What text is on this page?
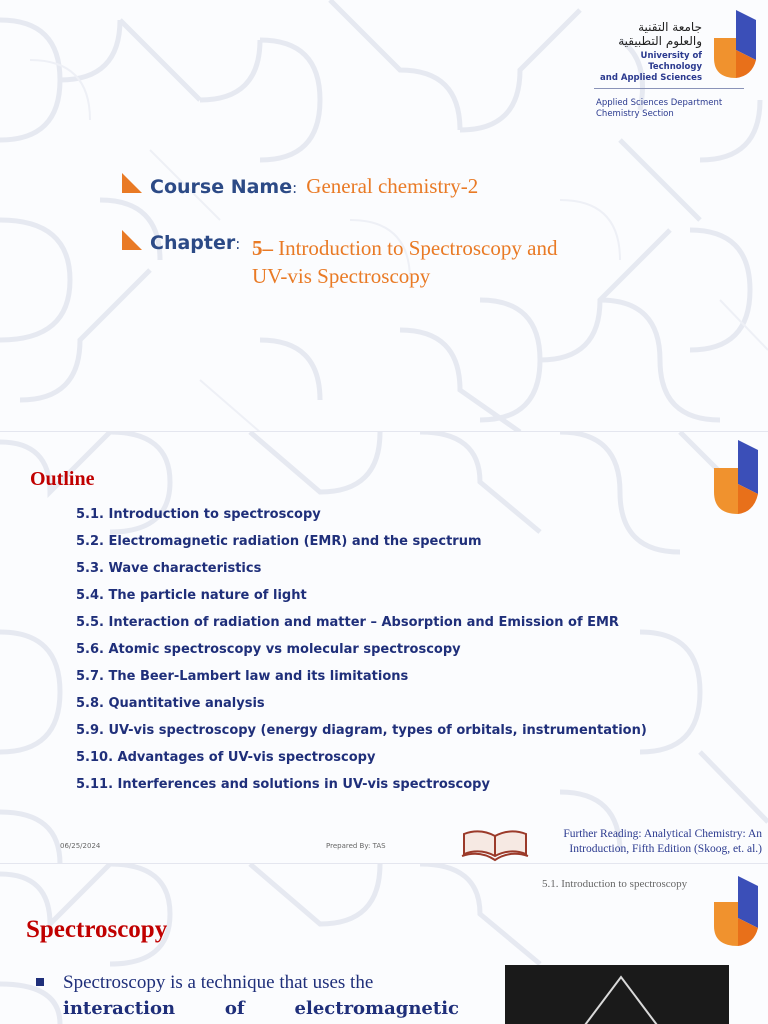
جامعة التقنية
والعلوم التطبيقية
University of Technology
and Applied Sciences
Applied Sciences Department
Chemistry Section
Course Name: General chemistry-2
Chapter: 5– Introduction to Spectroscopy and
UV-vis Spectroscopy
Outline
5.1. Introduction to spectroscopy
5.2. Electromagnetic radiation (EMR) and the spectrum
5.3. Wave characteristics
5.4. The particle nature of light
5.5. Interaction of radiation and matter – Absorption and Emission of EMR
5.6. Atomic spectroscopy vs molecular spectroscopy
5.7. The Beer-Lambert law and its limitations
5.8. Quantitative analysis
5.9. UV-vis spectroscopy (energy diagram, types of orbitals, instrumentation)
5.10. Advantages of UV-vis spectroscopy
5.11. Interferences and solutions in UV-vis spectroscopy
06/25/2024	Prepared By: TAS
Further Reading: Analytical Chemistry: An
Introduction, Fifth Edition (Skoog, et. al.)
5.1. Introduction to spectroscopy
Spectroscopy
Spectroscopy is a technique that uses the
interaction	of	electromagnetic
